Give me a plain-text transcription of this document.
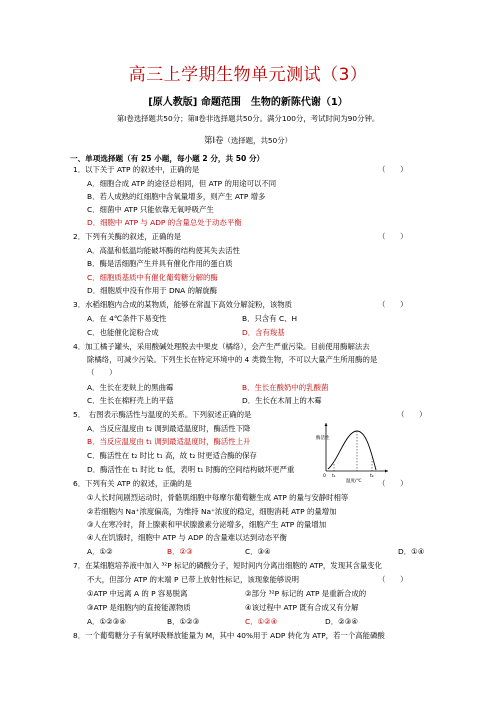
高三上学期生物单元测试（3）
[原人教版] 命题范围 生物的新陈代谢（1）
第Ⅰ卷选择题共50分；第Ⅱ卷非选择题共50分。满分100分，考试时间为90分钟。
第Ⅰ卷（选择题，共50分）
一、单项选择题（有 25 小题，每小题 2 分，共 50 分）
1．以下关于 ATP 的叙述中，正确的是	（　　）
A．细胞合成 ATP 的途径总相同，但 ATP 的用途可以不同
B．若人成熟的红细胞中含氧量增多，则产生 ATP 增多
C．细菌中 ATP 只能依靠无氧呼吸产生
D．细胞中 ATP 与 ADP 的含量总处于动态平衡
2．下列有关酶的叙述，正确的是	（　　）
A．高温和低温均能破坏酶的结构使其失去活性
B．酶是活细胞产生并具有催化作用的蛋白质
C．细胞质基质中有催化葡萄糖分解的酶
D．细胞质中没有作用于 DNA 的解旋酶
3．水稻细胞内合成的某物质，能够在常温下高效分解淀粉，该物质	（　　）
A．在 4℃条件下易变性	B．只含有 C、H
C．也能催化淀粉合成	D．含有羧基
4．加工橘子罐头，采用酸碱处理脱去中果皮（橘络），会产生严重污染。目前使用酶解法去
除橘络，可减少污染。下列生长在特定环境中的 4 类微生物，不可以大量产生所用酶的是
（　　）
A．生长在麦麸上的黑曲霉	B．生长在酸奶中的乳酸菌
C．生长在棉籽壳上的平菇	D．生长在木屑上的木霉
5．　右图表示酶活性与温度的关系。下列叙述正确的是	（　　）
A．当反应温度由 t₂ 调到最适温度时，酶活性下降
B．当反应温度由 t₁ 调到最适温度时，酶活性上升
C．酶活性在 t₂ 时比 t₁ 高，故 t₂ 时更适合酶的保存
D．酶活性在 t₁ 时比 t₂ 低，表明 t₁ 时酶的空间结构破坏更严重
酶活性
0 t₁	t₂
温度/℃
6．下列有关 ATP 的叙述，正确的是	（　　）
①人长时间剧烈运动时，骨骼肌细胞中每摩尔葡萄糖生成 ATP 的量与安静时相等
②若细胞内 Na⁺浓度偏高，为维持 Na⁺浓度的稳定，细胞消耗 ATP 的量增加
③人在寒冷时，肾上腺素和甲状腺激素分泌增多，细胞产生 ATP 的量增加
④人在饥饿时，细胞中 ATP 与 ADP 的含量难以达到动态平衡
A．①②	B．②③	C．③④	D．①④
7．在某细胞培养液中加入 ³²P 标记的磷酸分子，短时间内分离出细胞的 ATP，发现其含量变化
不大，但部分 ATP 的末端 P 已带上放射性标记，该现象能够说明	（　　）
①ATP 中远离 A 的 P 容易脱离	②部分 ³²P 标记的 ATP 是重新合成的
③ATP 是细胞内的直接能源物质	④该过程中 ATP 既有合成又有分解
A．①②③④	B．①②③	C．①②④	D．②③④
8．一个葡萄糖分子有氧呼吸释放能量为 M，其中 40%用于 ADP 转化为 ATP，若一个高能磷酸
